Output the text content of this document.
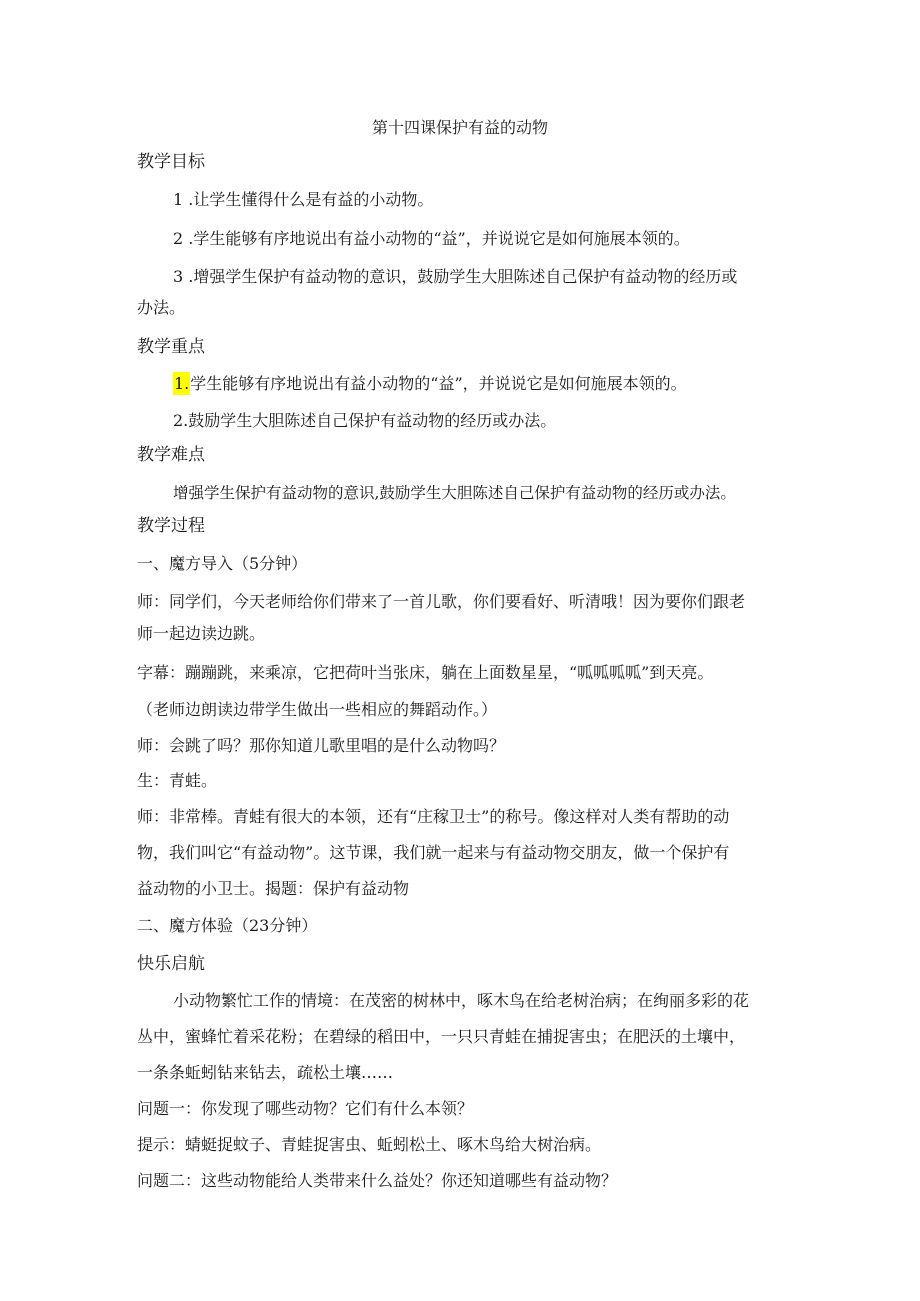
第十四课保护有益的动物
教学目标
1 .让学生懂得什么是有益的小动物。
2 .学生能够有序地说出有益小动物的“益”，并说说它是如何施展本领的。
3 .增强学生保护有益动物的意识，鼓励学生大胆陈述自己保护有益动物的经历或
办法。
教学重点
1.学生能够有序地说出有益小动物的“益”，并说说它是如何施展本领的。
2.鼓励学生大胆陈述自己保护有益动物的经历或办法。
教学难点
增强学生保护有益动物的意识,鼓励学生大胆陈述自己保护有益动物的经历或办法。
教学过程
一、魔方导入（5分钟）
师：同学们，今天老师给你们带来了一首儿歌，你们要看好、听清哦！因为要你们跟老
师一起边读边跳。
字幕：蹦蹦跳，来乘凉，它把荷叶当张床，躺在上面数星星，“呱呱呱呱”到天亮。
（老师边朗读边带学生做出一些相应的舞蹈动作。）
师：会跳了吗？那你知道儿歌里唱的是什么动物吗？
生：青蛙。
师：非常棒。青蛙有很大的本领，还有“庄稼卫士”的称号。像这样对人类有帮助的动
物，我们叫它“有益动物”。这节课，我们就一起来与有益动物交朋友，做一个保护有
益动物的小卫士。揭题：保护有益动物
二、魔方体验（23分钟）
快乐启航
小动物繁忙工作的情境：在茂密的树林中，啄木鸟在给老树治病；在绚丽多彩的花
丛中，蜜蜂忙着采花粉；在碧绿的稻田中，一只只青蛙在捕捉害虫；在肥沃的土壤中，
一条条蚯蚓钻来钻去，疏松土壤……
问题一：你发现了哪些动物？它们有什么本领？
提示：蜻蜓捉蚊子、青蛙捉害虫、蚯蚓松土、啄木鸟给大树治病。
问题二：这些动物能给人类带来什么益处？你还知道哪些有益动物？
